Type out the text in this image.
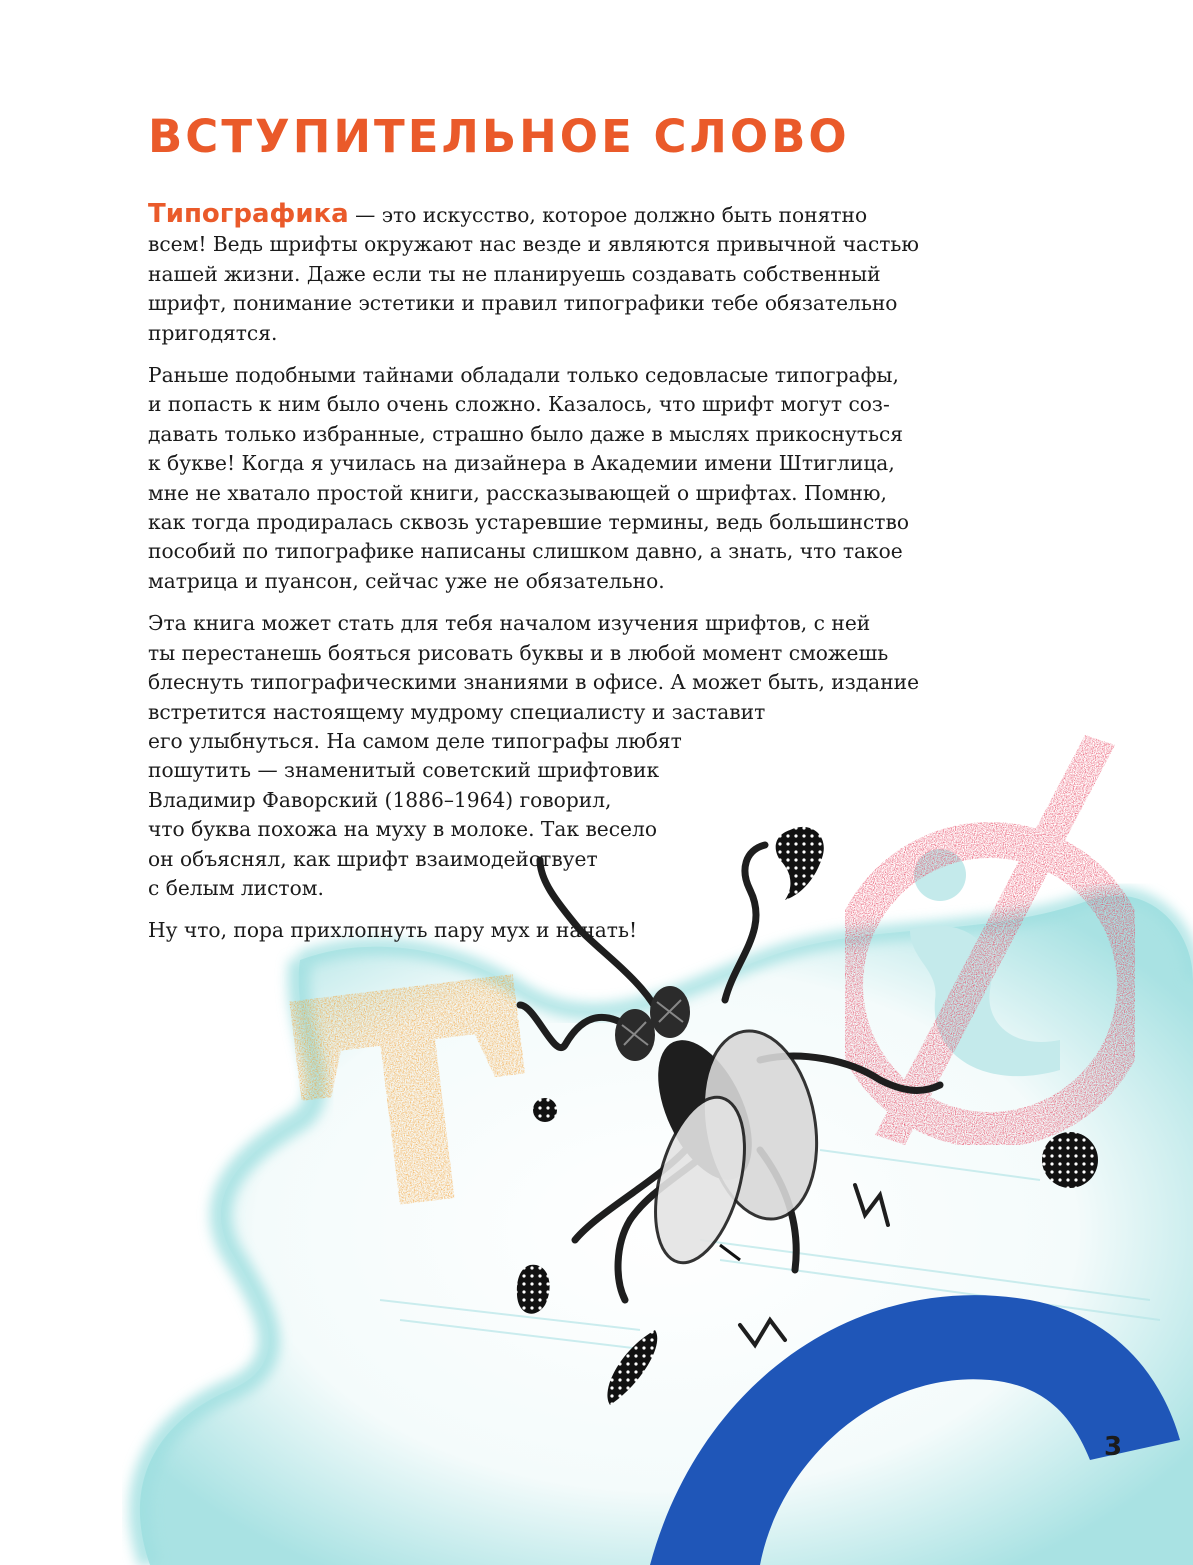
ВСТУПИТЕЛЬНОЕ СЛОВО

Типографика — это искусство, которое должно быть понятно
всем! Ведь шрифты окружают нас везде и являются привычной частью
нашей жизни. Даже если ты не планируешь создавать собственный
шрифт, понимание эстетики и правил типографики тебе обязательно
пригодятся.

Раньше подобными тайнами обладали только седовласые типографы,
и попасть к ним было очень сложно. Казалось, что шрифт могут соз-
давать только избранные, страшно было даже в мыслях прикоснуться
к букве! Когда я училась на дизайнера в Академии имени Штиглица,
мне не хватало простой книги, рассказывающей о шрифтах. Помню,
как тогда продиралась сквозь устаревшие термины, ведь большинство
пособий по типографике написаны слишком давно, а знать, что такое
матрица и пуансон, сейчас уже не обязательно.

Эта книга может стать для тебя началом изучения шрифтов, с ней
ты перестанешь бояться рисовать буквы и в любой момент сможешь
блеснуть типографическими знаниями в офисе. А может быть, издание
встретится настоящему мудрому специалисту и заставит
его улыбнуться. На самом деле типографы любят
пошутить — знаменитый советский шрифтовик
Владимир Фаворский (1886–1964) говорил,
что буква похожа на муху в молоке. Так весело
он объяснял, как шрифт взаимодействует
с белым листом.

Ну что, пора прихлопнуть пару мух и начать!

3
